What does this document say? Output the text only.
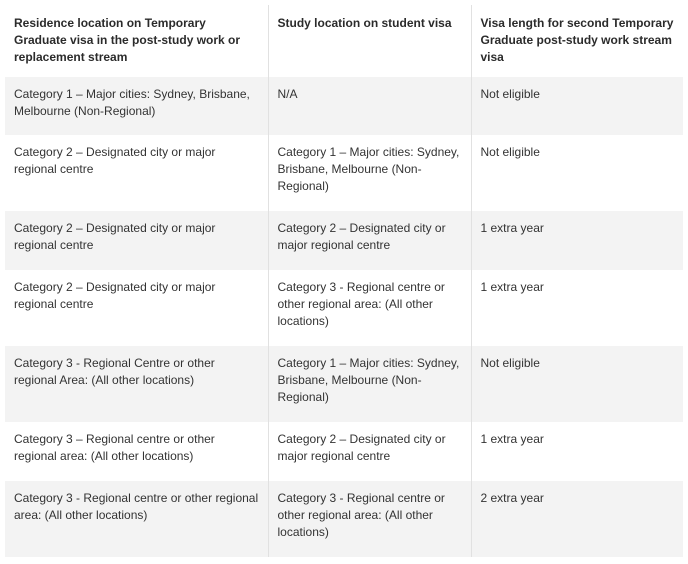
Residence location on Temporary Graduate visa in the post-study work or replacement stream	Study location on student visa	Visa length for second Temporary Graduate post-study work stream visa
Category 1 – Major cities: Sydney, Brisbane, Melbourne (Non-Regional)	N/A	Not eligible
Category 2 – Designated city or major regional centre	Category 1 – Major cities: Sydney, Brisbane, Melbourne (Non-Regional)	Not eligible
Category 2 – Designated city or major regional centre	Category 2 – Designated city or major regional centre	1 extra year
Category 2 – Designated city or major regional centre	Category 3 - Regional centre or other regional area: (All other locations)	1 extra year
Category 3 - Regional Centre or other regional Area: (All other locations)	Category 1 – Major cities: Sydney, Brisbane, Melbourne (Non-Regional)	Not eligible
Category 3 – Regional centre or other regional area: (All other locations)	Category 2 – Designated city or major regional centre	1 extra year
Category 3 - Regional centre or other regional area: (All other locations)	Category 3 - Regional centre or other regional area: (All other locations)	2 extra year
